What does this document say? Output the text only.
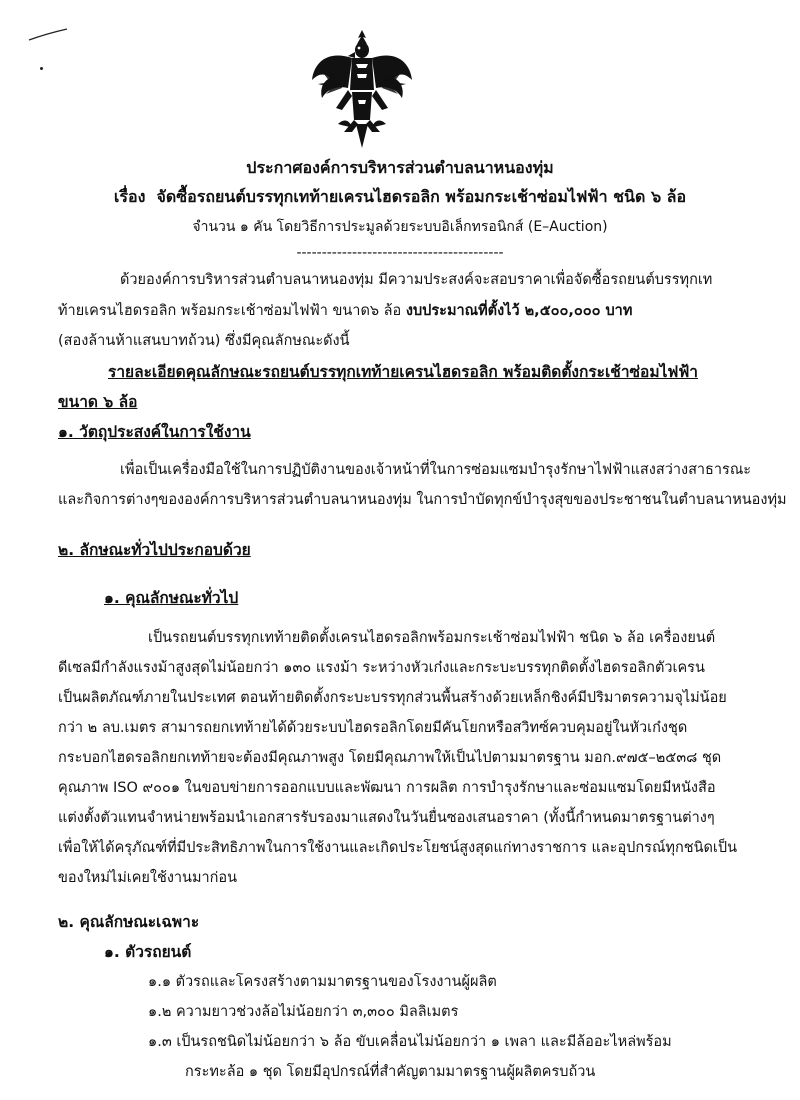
ประกาศองค์การบริหารส่วนตำบลนาหนองทุ่ม
เรื่อง จัดซื้อรถยนต์บรรทุกเทท้ายเครนไฮดรอลิก พร้อมกระเช้าซ่อมไฟฟ้า ชนิด ๖ ล้อ
จำนวน ๑ คัน โดยวิธีการประมูลด้วยระบบอิเล็กทรอนิกส์ (E–Auction)
-----------------------------------------
ด้วยองค์การบริหารส่วนตำบลนาหนองทุ่ม มีความประสงค์จะสอบราคาเพื่อจัดซื้อรถยนต์บรรทุกเท
ท้ายเครนไฮดรอลิก พร้อมกระเช้าซ่อมไฟฟ้า ขนาด๖ ล้อ งบประมาณที่ตั้งไว้ ๒,๕๐๐,๐๐๐ บาท
(สองล้านห้าแสนบาทถ้วน) ซึ่งมีคุณลักษณะดังนี้
รายละเอียดคุณลักษณะรถยนต์บรรทุกเทท้ายเครนไฮดรอลิก พร้อมติดตั้งกระเช้าซ่อมไฟฟ้า
ขนาด ๖ ล้อ
๑. วัตถุประสงค์ในการใช้งาน
เพื่อเป็นเครื่องมือใช้ในการปฏิบัติงานของเจ้าหน้าที่ในการซ่อมแซมบำรุงรักษาไฟฟ้าแสงสว่างสาธารณะ
และกิจการต่างๆขององค์การบริหารส่วนตำบลนาหนองทุ่ม ในการบำบัดทุกข์บำรุงสุขของประชาชนในตำบลนาหนองทุ่ม
๒. ลักษณะทั่วไปประกอบด้วย
๑. คุณลักษณะทั่วไป
เป็นรถยนต์บรรทุกเทท้ายติดตั้งเครนไฮดรอลิกพร้อมกระเช้าซ่อมไฟฟ้า ชนิด ๖ ล้อ เครื่องยนต์
ดีเซลมีกำลังแรงม้าสูงสุดไม่น้อยกว่า ๑๓๐ แรงม้า ระหว่างหัวเก๋งและกระบะบรรทุกติดตั้งไฮดรอลิกตัวเครน
เป็นผลิตภัณฑ์ภายในประเทศ ตอนท้ายติดตั้งกระบะบรรทุกส่วนพื้นสร้างด้วยเหล็กชิงค์มีปริมาตรความจุไม่น้อย
กว่า ๒ ลบ.เมตร สามารถยกเทท้ายได้ด้วยระบบไฮดรอลิกโดยมีคันโยกหรือสวิทซ์ควบคุมอยู่ในหัวเก๋งชุด
กระบอกไฮดรอลิกยกเทท้ายจะต้องมีคุณภาพสูง โดยมีคุณภาพให้เป็นไปตามมาตรฐาน มอก.๙๗๕–๒๕๓๘ ชุด
คุณภาพ ISO ๙๐๐๑ ในขอบข่ายการออกแบบและพัฒนา การผลิต การบำรุงรักษาและซ่อมแซมโดยมีหนังสือ
แต่งตั้งตัวแทนจำหน่ายพร้อมนำเอกสารรับรองมาแสดงในวันยื่นซองเสนอราคา (ทั้งนี้กำหนดมาตรฐานต่างๆ
เพื่อให้ได้ครุภัณฑ์ที่มีประสิทธิภาพในการใช้งานและเกิดประโยชน์สูงสุดแก่ทางราชการ และอุปกรณ์ทุกชนิดเป็น
ของใหม่ไม่เคยใช้งานมาก่อน
๒. คุณลักษณะเฉพาะ
๑. ตัวรถยนต์
๑.๑ ตัวรถและโครงสร้างตามมาตรฐานของโรงงานผู้ผลิต
๑.๒ ความยาวช่วงล้อไม่น้อยกว่า ๓,๓๐๐ มิลลิเมตร
๑.๓ เป็นรถชนิดไม่น้อยกว่า ๖ ล้อ ขับเคลื่อนไม่น้อยกว่า ๑ เพลา และมีล้ออะไหล่พร้อม
กระทะล้อ ๑ ชุด โดยมีอุปกรณ์ที่สำคัญตามมาตรฐานผู้ผลิตครบถ้วน
